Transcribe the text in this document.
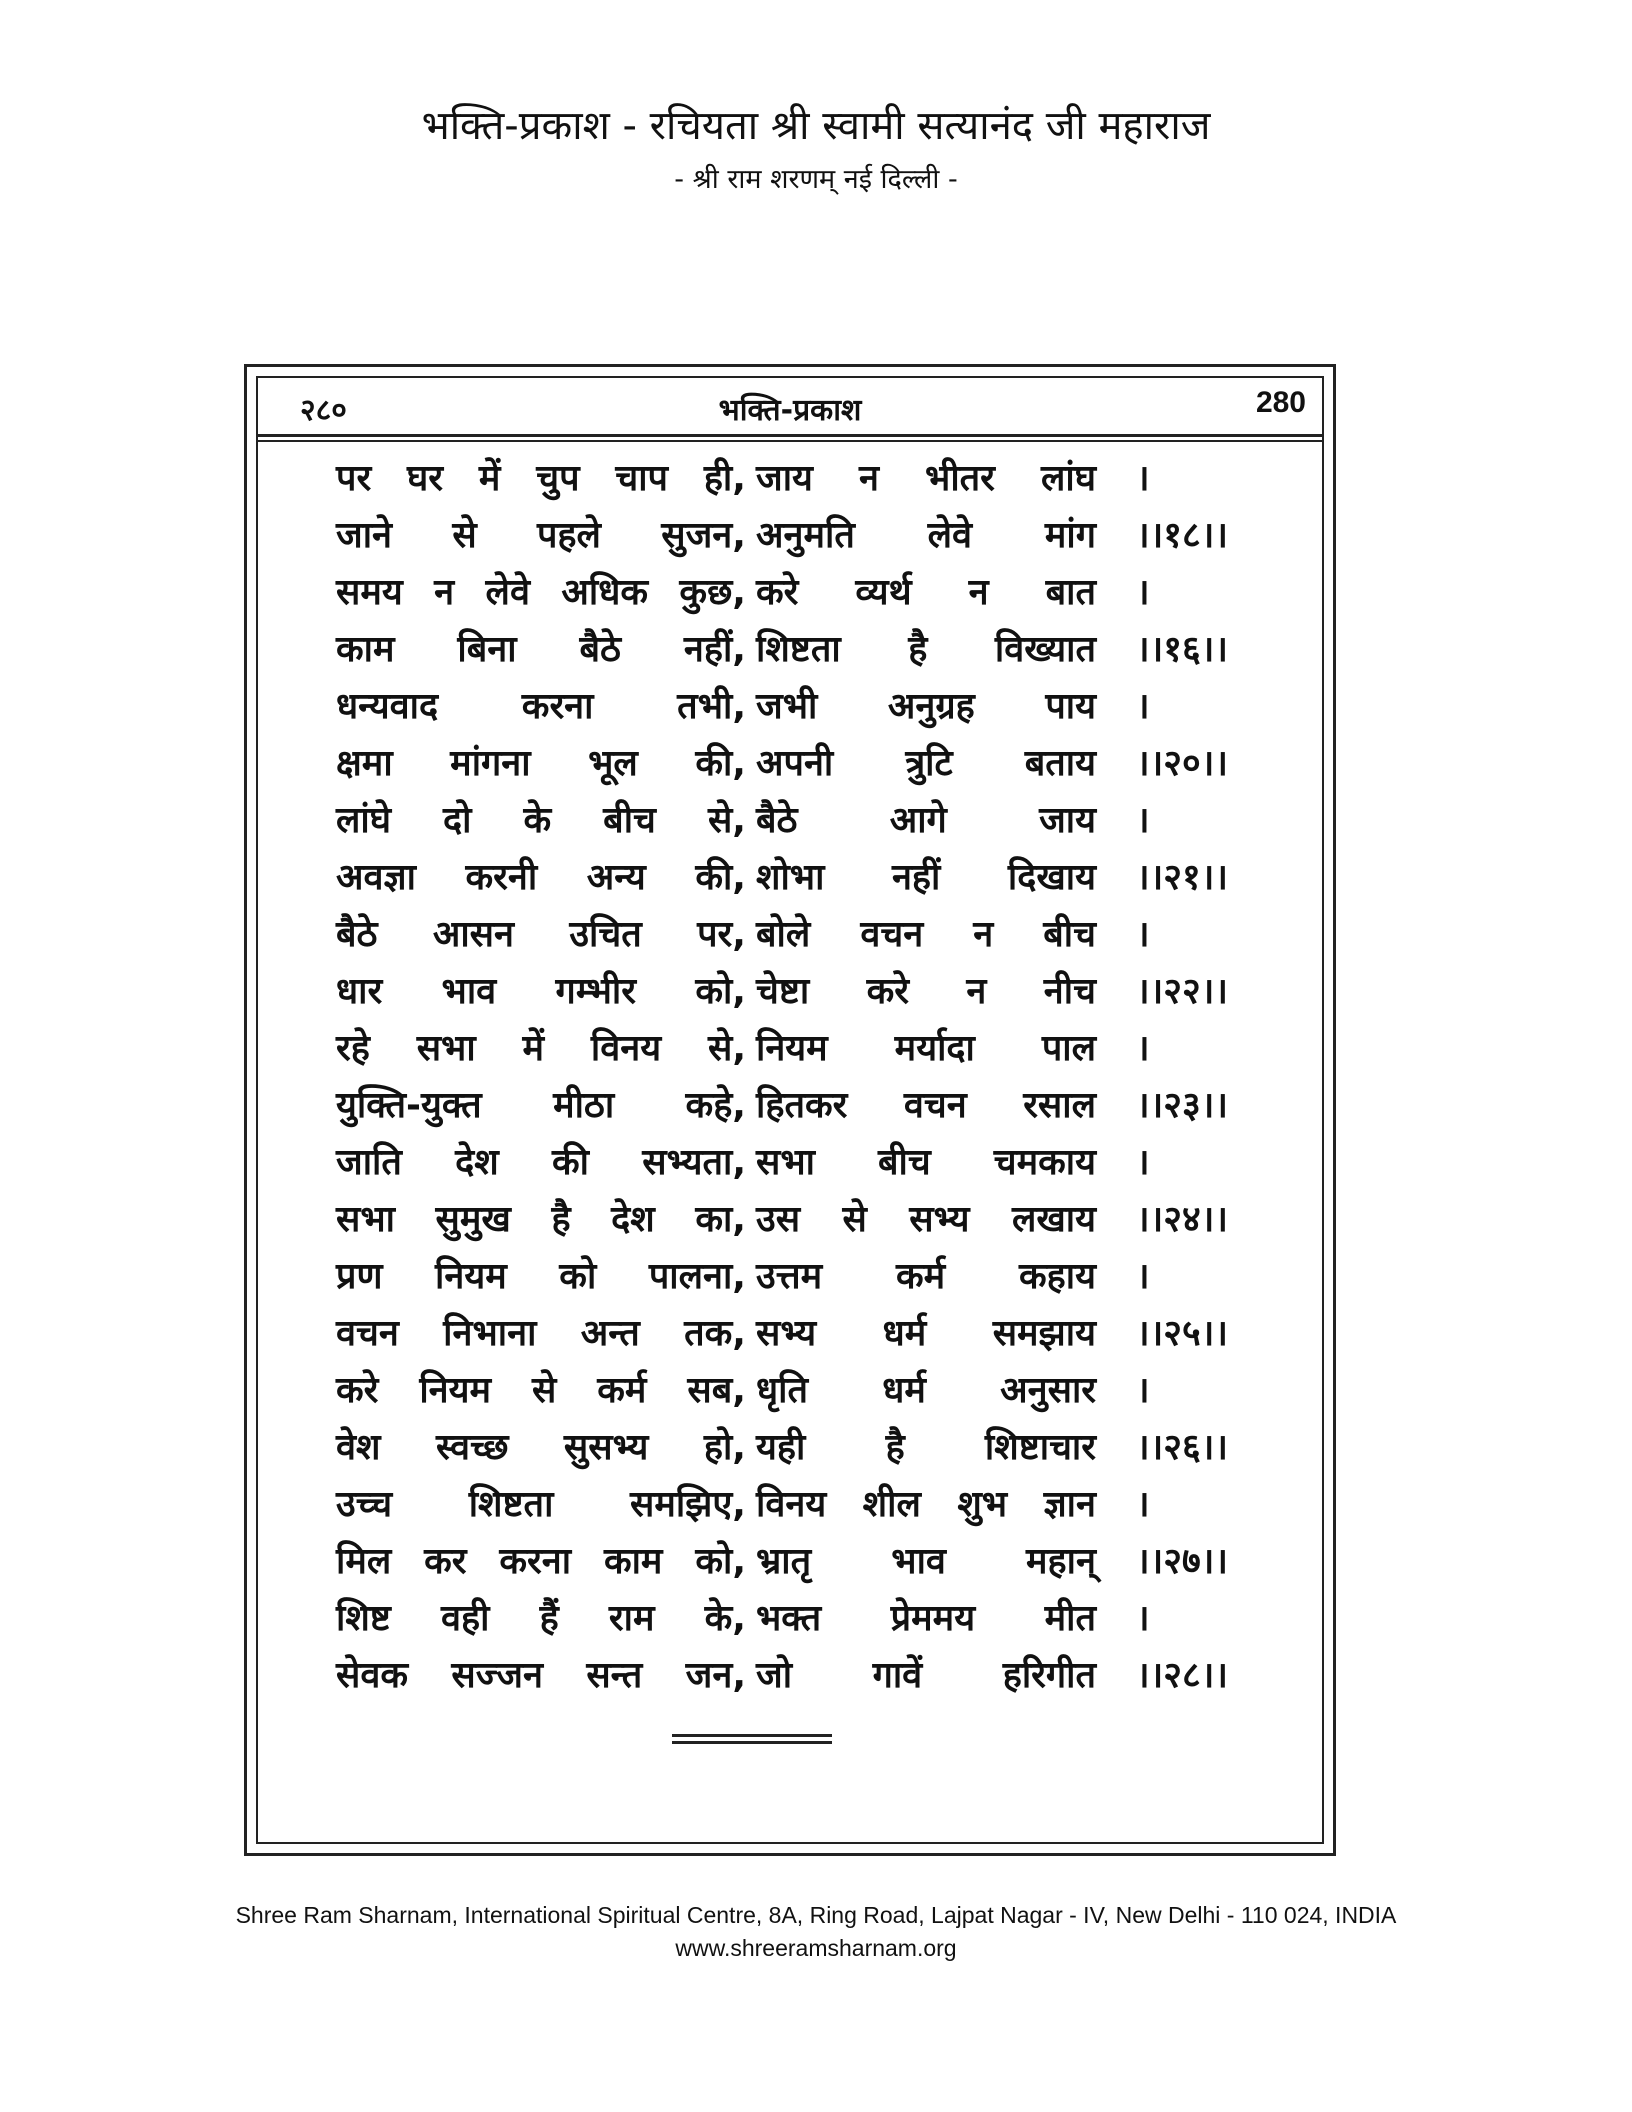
भक्ति-प्रकाश - रचियता श्री स्वामी सत्यानंद जी महाराज
- श्री राम शरणम् नई दिल्ली -
२८०	भक्ति-प्रकाश	280
पर घर में चुप चाप ही, जाय न भीतर लांघ ।
जाने से पहले सुजन, अनुमति लेवे मांग ।।१८।।
समय न लेवे अधिक कुछ, करे व्यर्थ न बात ।
काम बिना बैठे नहीं, शिष्टता है विख्यात ।।१६।।
धन्यवाद करना तभी, जभी अनुग्रह पाय ।
क्षमा मांगना भूल की, अपनी त्रुटि बताय ।।२०।।
लांघे दो के बीच से, बैठे	आगे	जाय ।
अवज्ञा करनी अन्य की, शोभा नहीं दिखाय ।।२१।।
बैठे आसन उचित पर, बोले वचन न बीच ।
धार भाव गम्भीर को, चेष्टा करे न नीच ।।२२।।
रहे सभा में विनय से, नियम मर्यादा पाल ।
युक्ति-युक्त मीठा कहे, हितकर वचन रसाल ।।२३।।
जाति देश की सभ्यता, सभा बीच चमकाय ।
सभा सुमुख है देश का, उस से सभ्य लखाय ।।२४।।
प्रण नियम को पालना, उत्तम कर्म कहाय ।
वचन निभाना अन्त तक, सभ्य धर्म समझाय ।।२५।।
करे नियम से कर्म सब, धृति धर्म अनुसार ।
वेश स्वच्छ सुसभ्य हो, यही है शिष्टाचार ।।२६।।
उच्च शिष्टता समझिए, विनय शील शुभ ज्ञान ।
मिल कर करना काम को, भ्रातृ भाव महान् ।।२७।।
शिष्ट वही हैं राम के, भक्त प्रेममय मीत ।
सेवक सज्जन सन्त जन, जो गावें हरिगीत ।।२८।।
Shree Ram Sharnam, International Spiritual Centre, 8A, Ring Road, Lajpat Nagar - IV, New Delhi - 110 024, INDIA
www.shreeramsharnam.org
